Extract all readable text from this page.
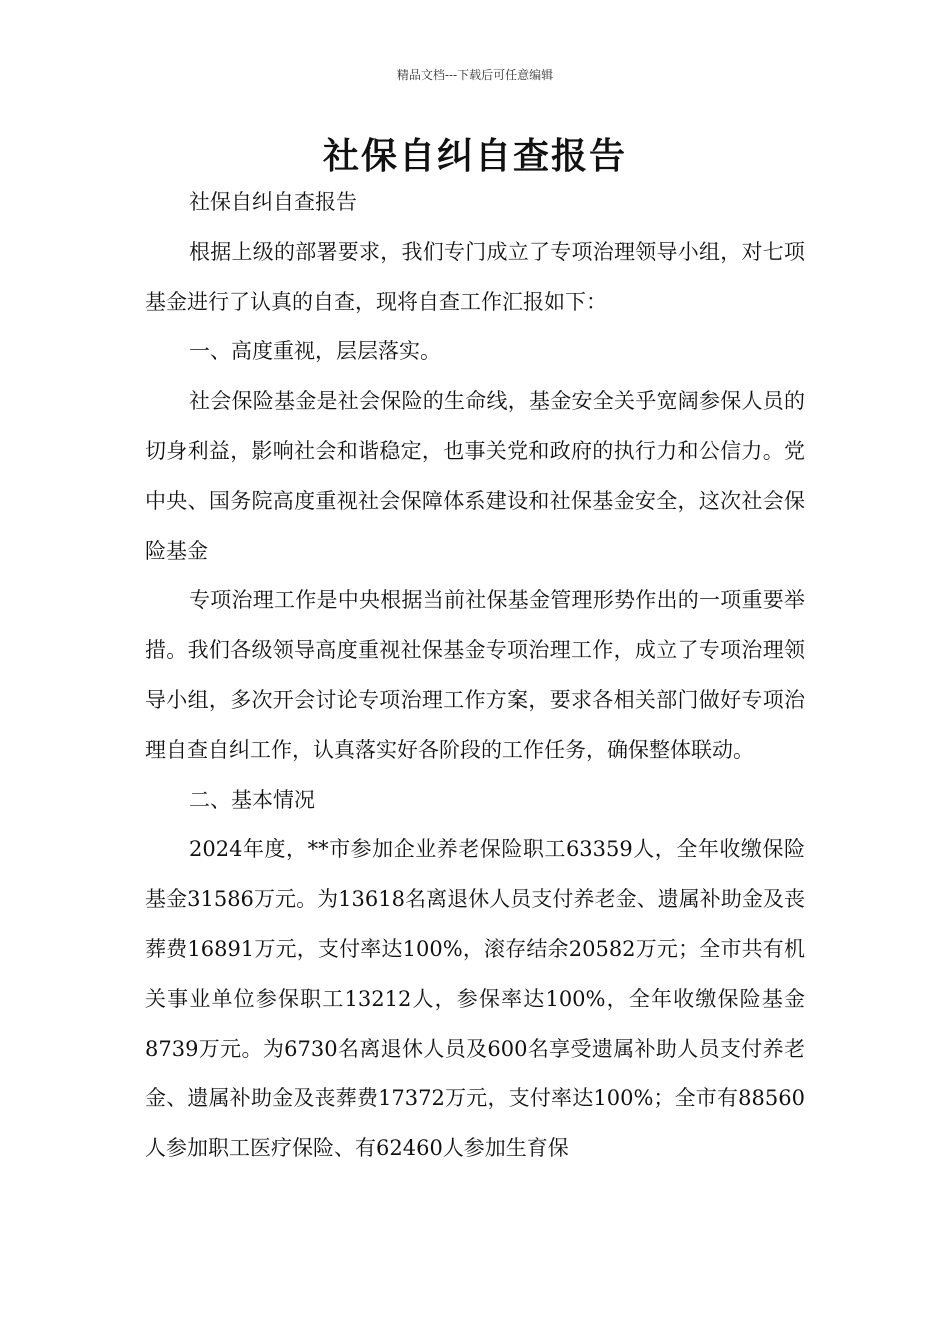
精品文档---下载后可任意编辑
社保自纠自查报告

社保自纠自查报告

根据上级的部署要求，我们专门成立了专项治理领导小组，对七项基金进行了认真的自查，现将自查工作汇报如下：

一、高度重视，层层落实。

社会保险基金是社会保险的生命线，基金安全关乎宽阔参保人员的切身利益，影响社会和谐稳定，也事关党和政府的执行力和公信力。党中央、国务院高度重视社会保障体系建设和社保基金安全，这次社会保险基金

专项治理工作是中央根据当前社保基金管理形势作出的一项重要举措。我们各级领导高度重视社保基金专项治理工作，成立了专项治理领导小组，多次开会讨论专项治理工作方案，要求各相关部门做好专项治理自查自纠工作，认真落实好各阶段的工作任务，确保整体联动。

二、基本情况

2024年度，**市参加企业养老保险职工63359人，全年收缴保险基金31586万元。为13618名离退休人员支付养老金、遗属补助金及丧葬费16891万元，支付率达100%，滚存结余20582万元；全市共有机关事业单位参保职工13212人，参保率达100%，全年收缴保险基金8739万元。为6730名离退休人员及600名享受遗属补助人员支付养老金、遗属补助金及丧葬费17372万元，支付率达100%；全市有88560人参加职工医疗保险、有62460人参加生育保
